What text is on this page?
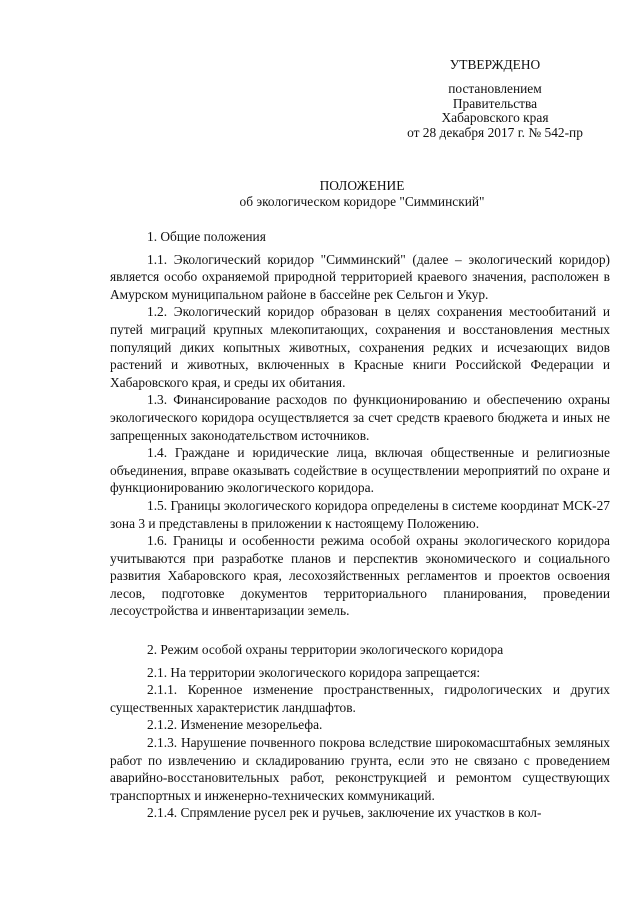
УТВЕРЖДЕНО
постановлением
Правительства
Хабаровского края
от 28 декабря 2017 г. № 542-пр
ПОЛОЖЕНИЕ
об экологическом коридоре "Симминский"

1. Общие положения

1.1. Экологический коридор "Симминский" (далее – экологический коридор) является особо охраняемой природной территорией краевого значения, расположен в Амурском муниципальном районе в бассейне рек Сельгон и Укур.

1.2. Экологический коридор образован в целях сохранения местообитаний и путей миграций крупных млекопитающих, сохранения и восстановления местных популяций диких копытных животных, сохранения редких и исчезающих видов растений и животных, включенных в Красные книги Российской Федерации и Хабаровского края, и среды их обитания.

1.3. Финансирование расходов по функционированию и обеспечению охраны экологического коридора осуществляется за счет средств краевого бюджета и иных не запрещенных законодательством источников.

1.4. Граждане и юридические лица, включая общественные и религиозные объединения, вправе оказывать содействие в осуществлении мероприятий по охране и функционированию экологического коридора.

1.5. Границы экологического коридора определены в системе координат МСК-27 зона 3 и представлены в приложении к настоящему Положению.

1.6. Границы и особенности режима особой охраны экологического коридора учитываются при разработке планов и перспектив экономического и социального развития Хабаровского края, лесохозяйственных регламентов и проектов освоения лесов, подготовке документов территориального планирования, проведении лесоустройства и инвентаризации земель.

2. Режим особой охраны территории экологического коридора

2.1. На территории экологического коридора запрещается:

2.1.1. Коренное изменение пространственных, гидрологических и других существенных характеристик ландшафтов.

2.1.2. Изменение мезорельефа.

2.1.3. Нарушение почвенного покрова вследствие широкомасштабных земляных работ по извлечению и складированию грунта, если это не связано с проведением аварийно-восстановительных работ, реконструкцией и ремонтом существующих транспортных и инженерно-технических коммуникаций.

2.1.4. Спрямление русел рек и ручьев, заключение их участков в кол-
